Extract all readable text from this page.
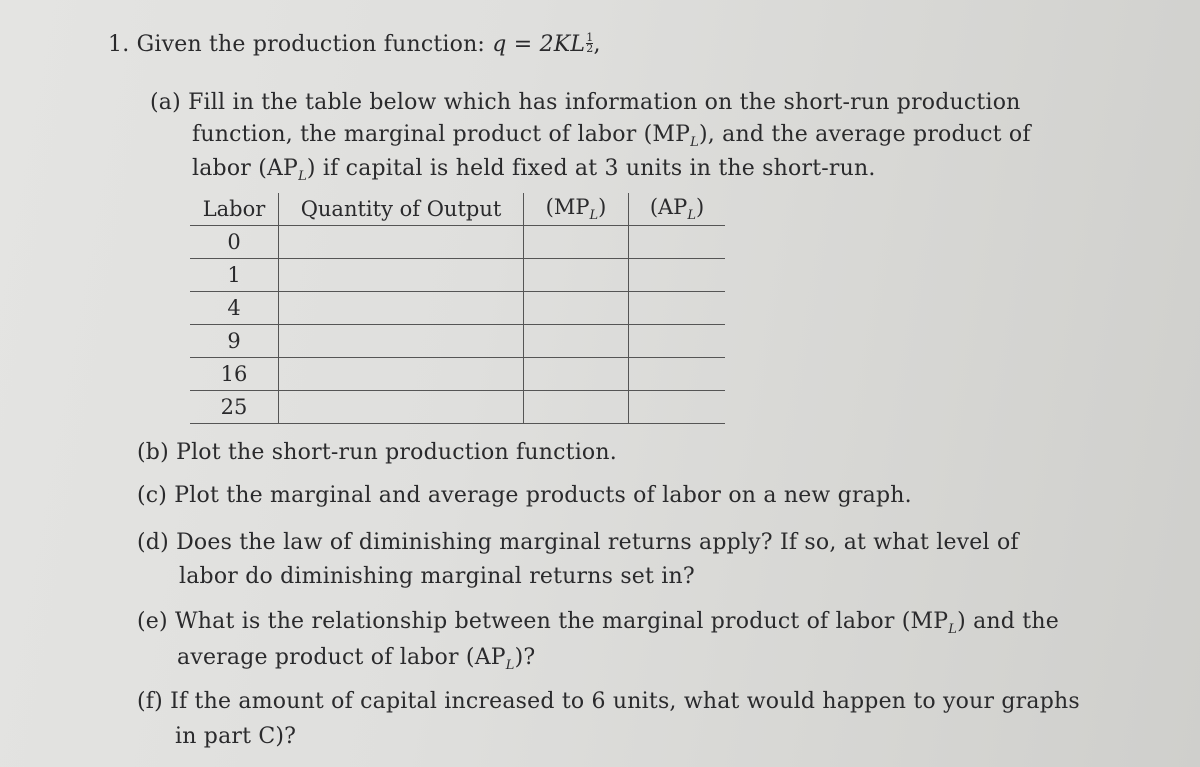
1. Given the production function: $q = 2KL \frac{1}{2}$ ,
(a) Fill in the table below which has information on the short-run production
function, the marginal product of labor $(MP_L)$, and the average product of
labor $(AP_L)$ if capital is held fixed at 3 units in the short-run.
Labor	Quantity of Output	$(MP_L)$	$(AP_L)$
0			
1			
4			
9			
16			
25			
(b) Plot the short-run production function.
(c) Plot the marginal and average products of labor on a new graph.
(d) Does the law of diminishing marginal returns apply? If so, at what level of
labor do diminishing marginal returns set in?
(e) What is the relationship between the marginal product of labor $(MP_L)$ and the
average product of labor $(AP_L)$?
(f) If the amount of capital increased to 6 units, what would happen to your graphs
in part C)?
